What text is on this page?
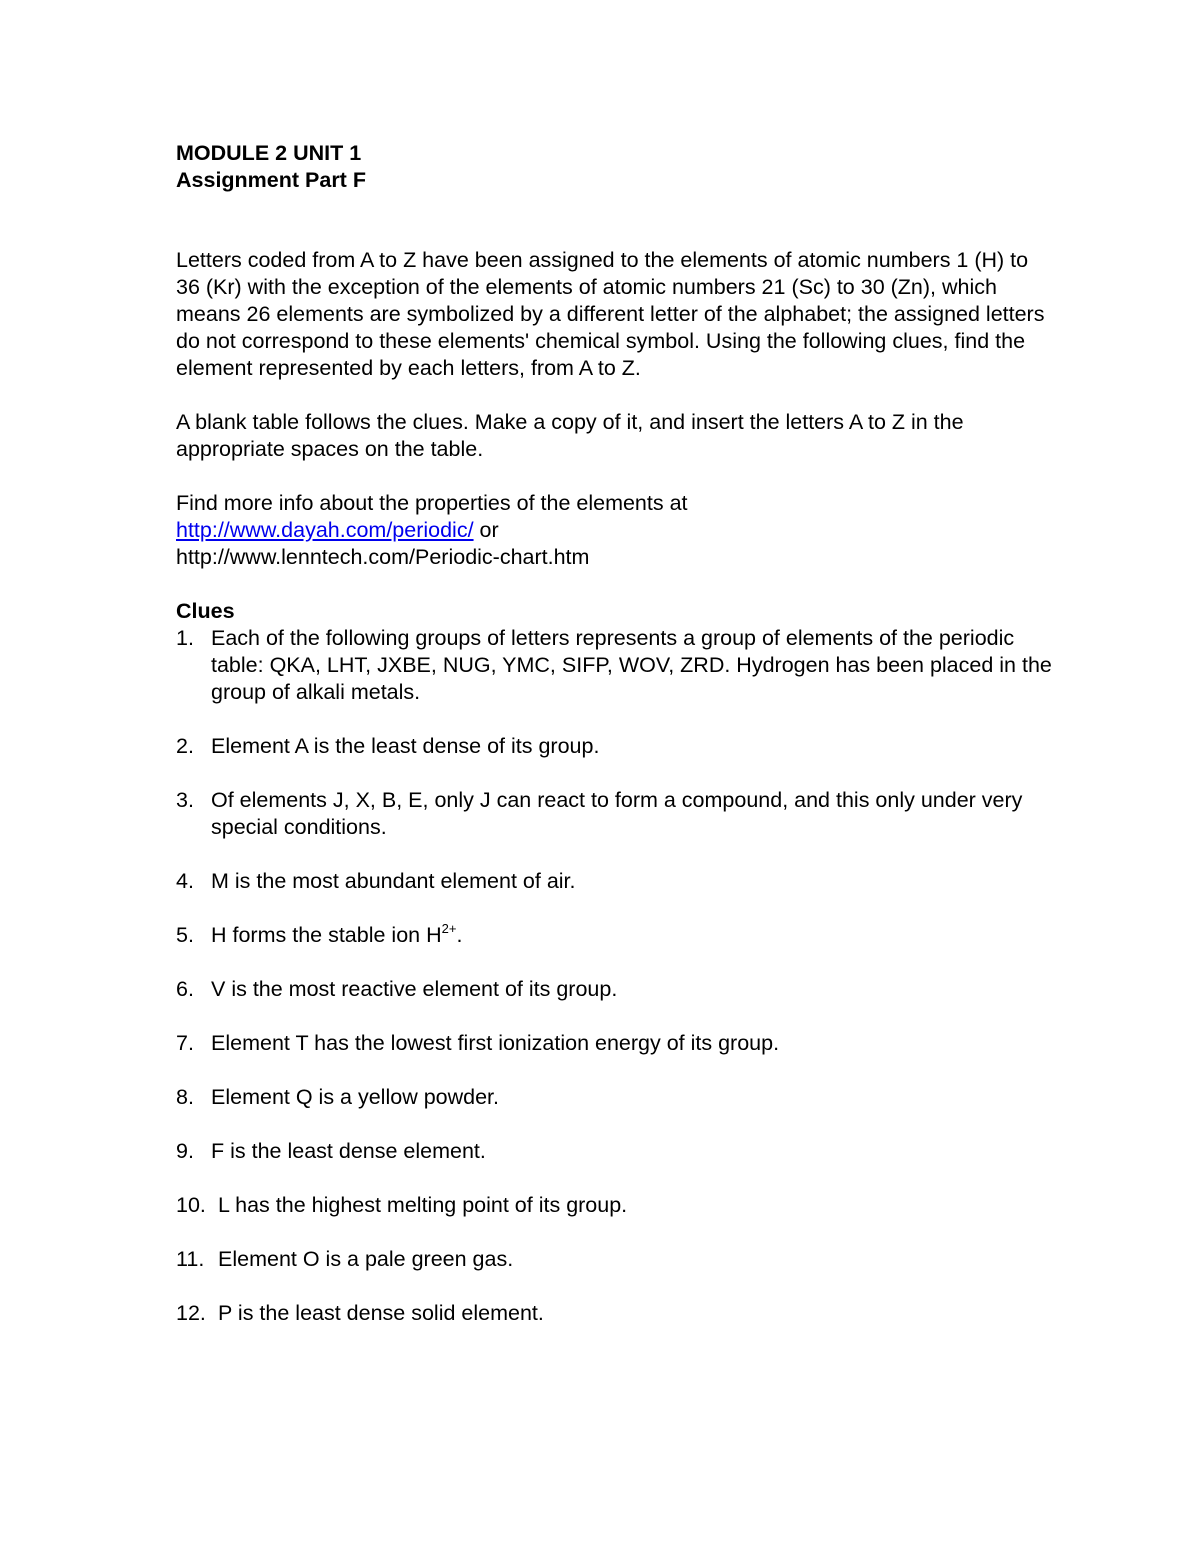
MODULE 2 UNIT 1

Assignment Part F

Letters coded from A to Z have been assigned to the elements of atomic numbers 1 (H) to 36 (Kr) with the exception of the elements of atomic numbers 21 (Sc) to 30 (Zn), which means 26 elements are symbolized by a different letter of the alphabet; the assigned letters do not correspond to these elements' chemical symbol. Using the following clues, find the element represented by each letters, from A to Z.

A blank table follows the clues. Make a copy of it, and insert the letters A to Z in the appropriate spaces on the table.

Find more info about the properties of the elements at

http://www.dayah.com/periodic/ or

http://www.lenntech.com/Periodic-chart.htm

Clues

1. Each of the following groups of letters represents a group of elements of the periodic table: QKA, LHT, JXBE, NUG, YMC, SIFP, WOV, ZRD. Hydrogen has been placed in the group of alkali metals.
2. Element A is the least dense of its group.
3. Of elements J, X, B, E, only J can react to form a compound, and this only under very special conditions.
4. M is the most abundant element of air.
5. H forms the stable ion $H^{2+}$.
6. V is the most reactive element of its group.
7. Element T has the lowest first ionization energy of its group.
8. Element Q is a yellow powder.
9. F is the least dense element.
10. L has the highest melting point of its group.
11. Element O is a pale green gas.
12. P is the least dense solid element.
